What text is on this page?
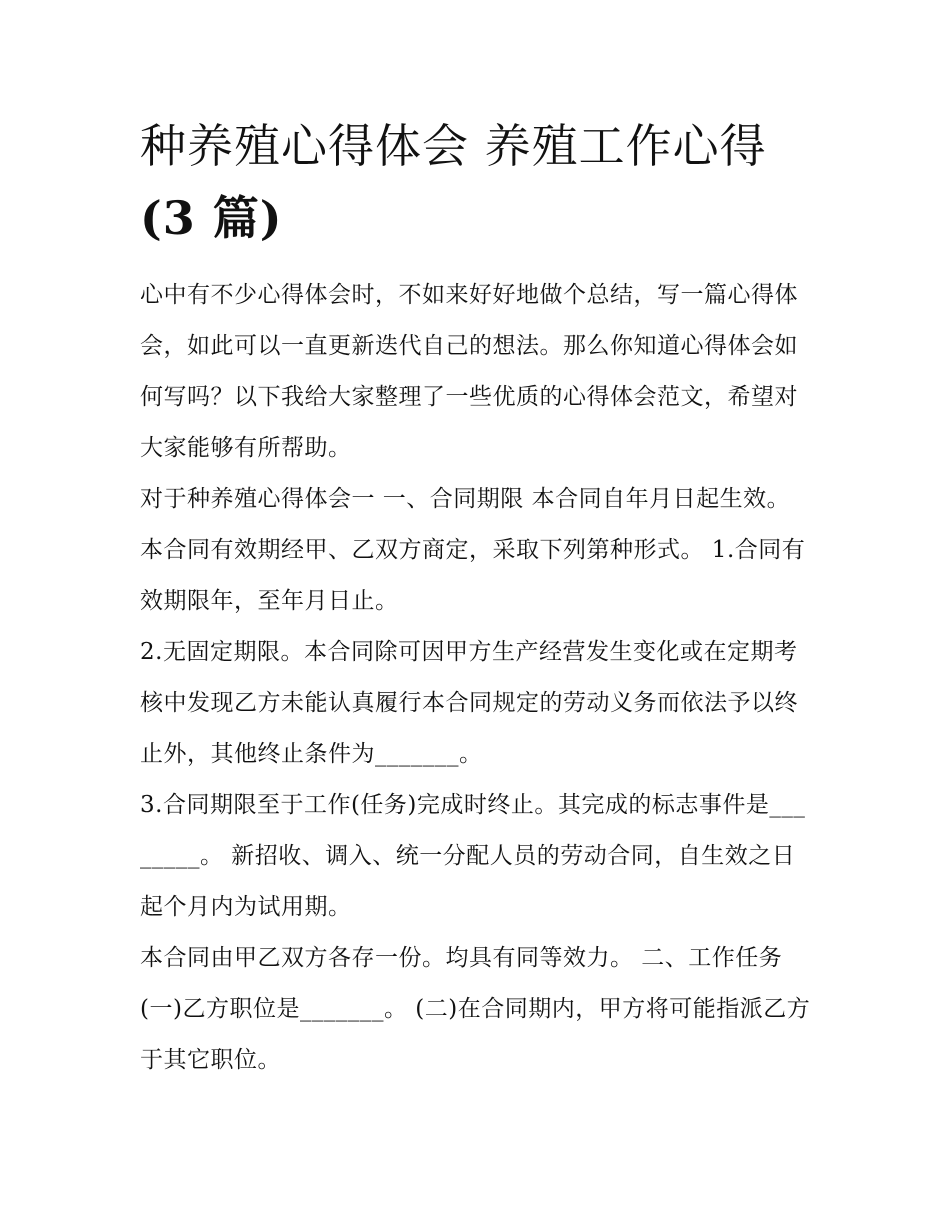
种养殖心得体会 养殖工作心得
(3 篇)

心中有不少心得体会时，不如来好好地做个总结，写一篇心得体会，如此可以一直更新迭代自己的想法。那么你知道心得体会如何写吗？以下我给大家整理了一些优质的心得体会范文，希望对大家能够有所帮助。

对于种养殖心得体会一 一、合同期限 本合同自年月日起生效。本合同有效期经甲、乙双方商定，采取下列第种形式。 1.合同有效期限年，至年月日止。

2.无固定期限。本合同除可因甲方生产经营发生变化或在定期考核中发现乙方未能认真履行本合同规定的劳动义务而依法予以终止外，其他终止条件为_______。

3.合同期限至于工作(任务)完成时终止。其完成的标志事件是________。 新招收、调入、统一分配人员的劳动合同，自生效之日起个月内为试用期。

本合同由甲乙双方各存一份。均具有同等效力。 二、工作任务 (一)乙方职位是_______。 (二)在合同期内，甲方将可能指派乙方于其它职位。
